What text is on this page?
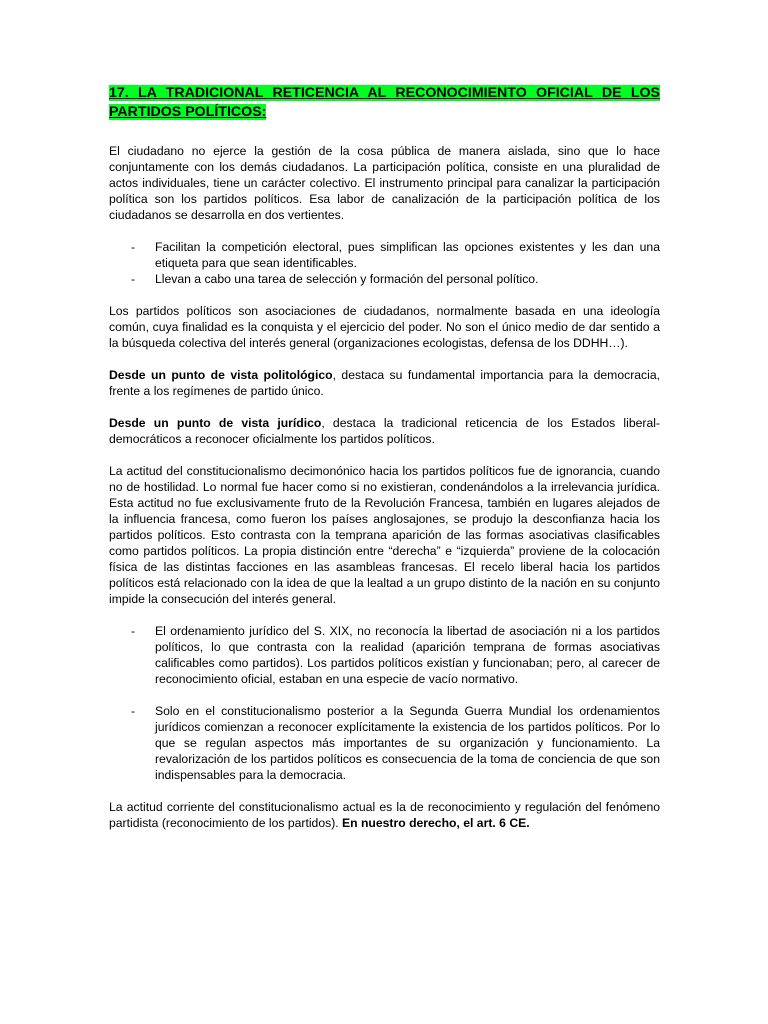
17. LA TRADICIONAL RETICENCIA AL RECONOCIMIENTO OFICIAL DE LOS PARTIDOS POLÍTICOS:

El ciudadano no ejerce la gestión de la cosa pública de manera aislada, sino que lo hace conjuntamente con los demás ciudadanos. La participación política, consiste en una pluralidad de actos individuales, tiene un carácter colectivo. El instrumento principal para canalizar la participación política son los partidos políticos. Esa labor de canalización de la participación política de los ciudadanos se desarrolla en dos vertientes.

- Facilitan la competición electoral, pues simplifican las opciones existentes y les dan una etiqueta para que sean identificables.
- Llevan a cabo una tarea de selección y formación del personal político.

Los partidos políticos son asociaciones de ciudadanos, normalmente basada en una ideología común, cuya finalidad es la conquista y el ejercicio del poder. No son el único medio de dar sentido a la búsqueda colectiva del interés general (organizaciones ecologistas, defensa de los DDHH…).

Desde un punto de vista politológico, destaca su fundamental importancia para la democracia, frente a los regímenes de partido único.

Desde un punto de vista jurídico, destaca la tradicional reticencia de los Estados liberal-democráticos a reconocer oficialmente los partidos políticos.

La actitud del constitucionalismo decimonónico hacia los partidos políticos fue de ignorancia, cuando no de hostilidad. Lo normal fue hacer como si no existieran, condenándolos a la irrelevancia jurídica. Esta actitud no fue exclusivamente fruto de la Revolución Francesa, también en lugares alejados de la influencia francesa, como fueron los países anglosajones, se produjo la desconfianza hacia los partidos políticos. Esto contrasta con la temprana aparición de las formas asociativas clasificables como partidos políticos. La propia distinción entre “derecha” e “izquierda” proviene de la colocación física de las distintas facciones en las asambleas francesas. El recelo liberal hacia los partidos políticos está relacionado con la idea de que la lealtad a un grupo distinto de la nación en su conjunto impide la consecución del interés general.

- El ordenamiento jurídico del S. XIX, no reconocía la libertad de asociación ni a los partidos políticos, lo que contrasta con la realidad (aparición temprana de formas asociativas calificables como partidos). Los partidos políticos existían y funcionaban; pero, al carecer de reconocimiento oficial, estaban en una especie de vacío normativo.
- Solo en el constitucionalismo posterior a la Segunda Guerra Mundial los ordenamientos jurídicos comienzan a reconocer explícitamente la existencia de los partidos políticos. Por lo que se regulan aspectos más importantes de su organización y funcionamiento. La revalorización de los partidos políticos es consecuencia de la toma de conciencia de que son indispensables para la democracia.

La actitud corriente del constitucionalismo actual es la de reconocimiento y regulación del fenómeno partidista (reconocimiento de los partidos). En nuestro derecho, el art. 6 CE.
